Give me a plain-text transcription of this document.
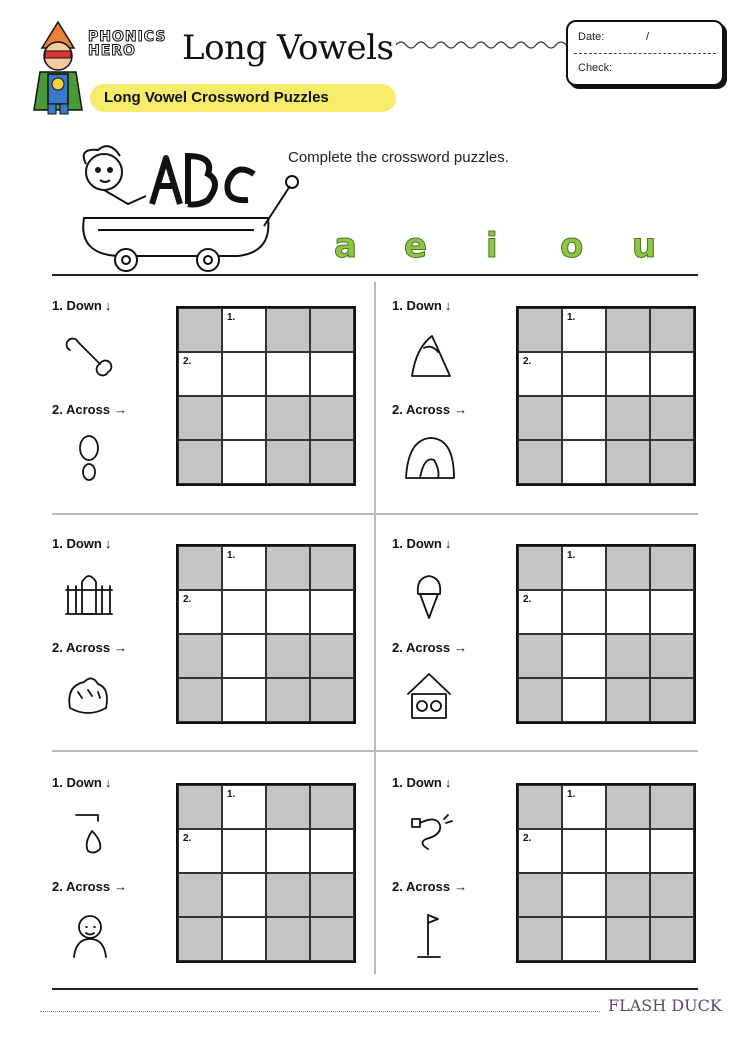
PHONICS
HERO	Long Vowels	Date:	/
Check:
Long Vowel Crossword Puzzles
Complete the crossword puzzles.
a e i o u
1. Down ↓
2. Across →
1.
2.
1. Down ↓
2. Across →
1.
2.
1. Down ↓
2. Across →
1.
2.
1. Down ↓
2. Across →
1.
2.
1. Down ↓
2. Across →
1.
2.
1. Down ↓
2. Across →
1.
2.
FLASH DUCK
